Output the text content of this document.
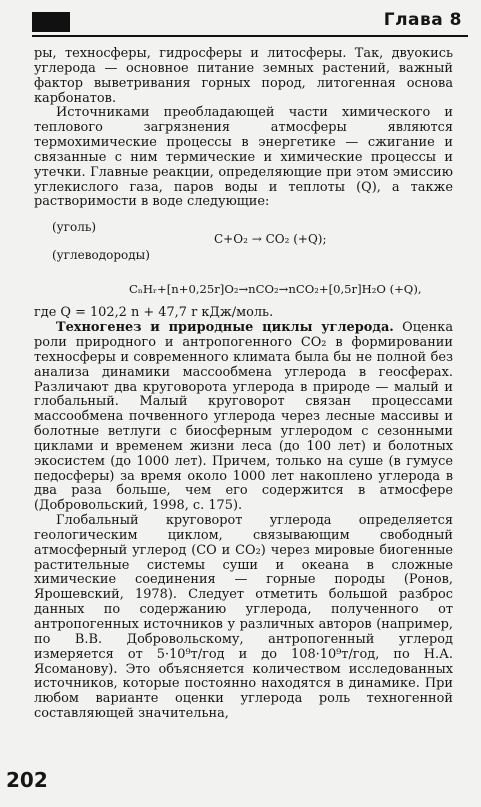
Глава 8

ры, техносферы, гидросферы и литосферы. Так, двуокись углерода — основное питание земных растений, важный фактор выветривания горных пород, литогенная основа карбонатов.

Источниками преобладающей части химического и теплового загрязнения атмосферы являются термохимические процессы в энергетике — сжигание и связанные с ним термические и химические процессы и утечки. Главные реакции, определяющие при этом эмиссию углекислого газа, паров воды и теплоты (Q), а также растворимости в воде следующие:

(уголь)
(углеводороды)
C+O₂ → CO₂ (+Q);
CₙHᵣ+[n+0,25r]O₂→nCO₂→nCO₂+[0,5r]H₂O (+Q),

где Q = 102,2 n + 47,7 r кДж/моль.

Техногенез и природные циклы углерода. Оценка роли природного и антропогенного CO₂ в формировании техносферы и современного климата была бы не полной без анализа динамики массообмена углерода в геосферах. Различают два круговорота углерода в природе — малый и глобальный. Малый круговорот связан процессами массообмена почвенного углерода через лесные массивы и болотные ветлуги с биосферным углеродом с сезонными циклами и временем жизни леса (до 100 лет) и болотных экосистем (до 1000 лет). Причем, только на суше (в гумусе педосферы) за время около 1000 лет накоплено углерода в два раза больше, чем его содержится в атмосфере (Добровольский, 1998, с. 175).

Глобальный круговорот углерода определяется геологическим циклом, связывающим свободный атмосферный углерод (CO и CO₂) через мировые биогенные растительные системы суши и океана в сложные химические соединения — горные породы (Ронов, Ярошевский, 1978). Следует отметить большой разброс данных по содержанию углерода, полученного от антропогенных источников у различных авторов (например, по В.В. Добровольскому, антропогенный углерод измеряется от 5·10⁹т/год и до 108·10⁹т/год, по Н.А. Ясоманову). Это объясняется количеством исследованных источников, которые постоянно находятся в динамике. При любом варианте оценки углерода роль техногенной составляющей значительна,

202
